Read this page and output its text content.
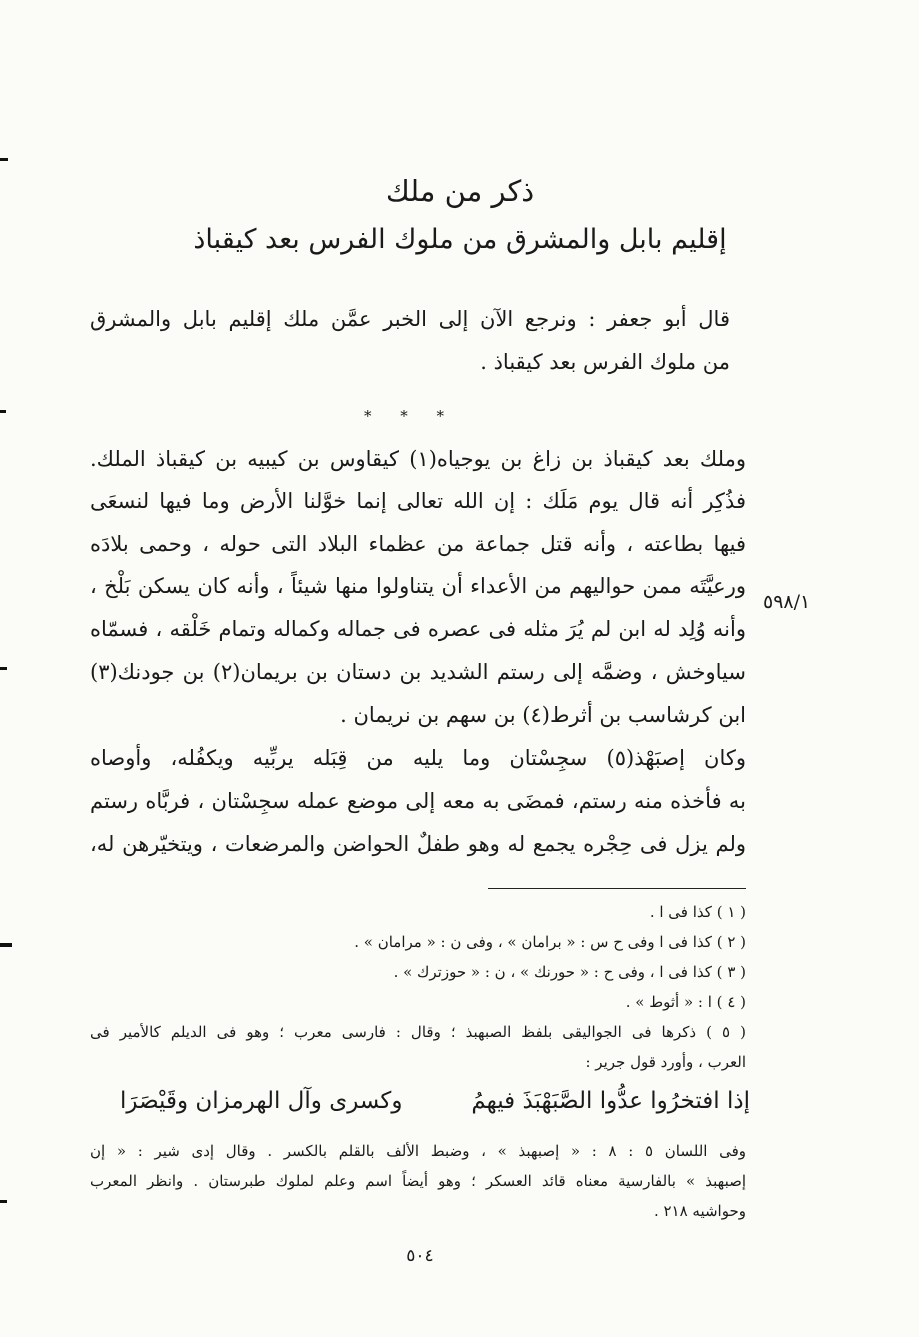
ذكر من ملك
إقليم بابل والمشرق من ملوك الفرس بعد كيقباذ
قال أبو جعفر : ونرجع الآن إلى الخبر عمَّن ملك إقليم بابل والمشرق
من ملوك الفرس بعد كيقباذ .
* * *
وملك بعد كيقباذ بن زاغ بن يوجياه(١) كيقاوس بن كيبيه بن كيقباذ الملك.
فذُكِر أنه قال يوم مَلَك : إن الله تعالى إنما خوَّلنا الأرض وما فيها لنسعَى
فيها بطاعته ، وأنه قتل جماعة من عظماء البلاد التى حوله ، وحمى بلادَه
ورعيَّتَه ممن حواليهم من الأعداء أن يتناولوا منها شيئاً ، وأنه كان يسكن بَلْخ ،
وأنه وُلِد له ابن لم يُرَ مثله فى عصره فى جماله وكماله وتمام خَلْقه ، فسمّاه
سياوخش ، وضمَّه إلى رستم الشديد بن دستان بن بريمان(٢) بن جودنك(٣)
ابن كرشاسب بن أثرط(٤) بن سهم بن نريمان .
وكان إصبَهْذ(٥) سجِسْتان وما يليه من قِبَله يربِّيه ويكفُله، وأوصاه
به فأخذه منه رستم، فمضَى به معه إلى موضع عمله سجِسْتان ، فربَّاه رستم
ولم يزل فى حِجْره يجمع له وهو طفلٌ الحواضن والمرضعات ، ويتخيّرهن له،
٥٩٨/١
( ١ ) كذا فى ا .
( ٢ ) كذا فى ا وفى ح س : « برامان » ، وفى ن : « مرامان » .
( ٣ ) كذا فى ا ، وفى ح : « حورنك » ، ن : « حوزترك » .
( ٤ ) ا : « أثوط » .
( ٥ ) ذكرها فى الجواليقى بلفظ الصبهبذ ؛ وقال : فارسى معرب ؛ وهو فى الديلم كالأمير فى
العرب ، وأورد قول جرير :
إذا افتخرُوا عدُّوا الصَّبَهْبَذَ فيهمُ
وكسرى وآل الهرمزان وقَيْصَرَا
وفى اللسان ٥ : ٨ : « إصبهبذ » ، وضبط الألف بالقلم بالكسر . وقال إدى شير : « إن
إصبهبذ » بالفارسية معناه قائد العسكر ؛ وهو أيضاً اسم وعلم لملوك طبرستان . وانظر المعرب
وحواشيه ٢١٨ .
٥٠٤
